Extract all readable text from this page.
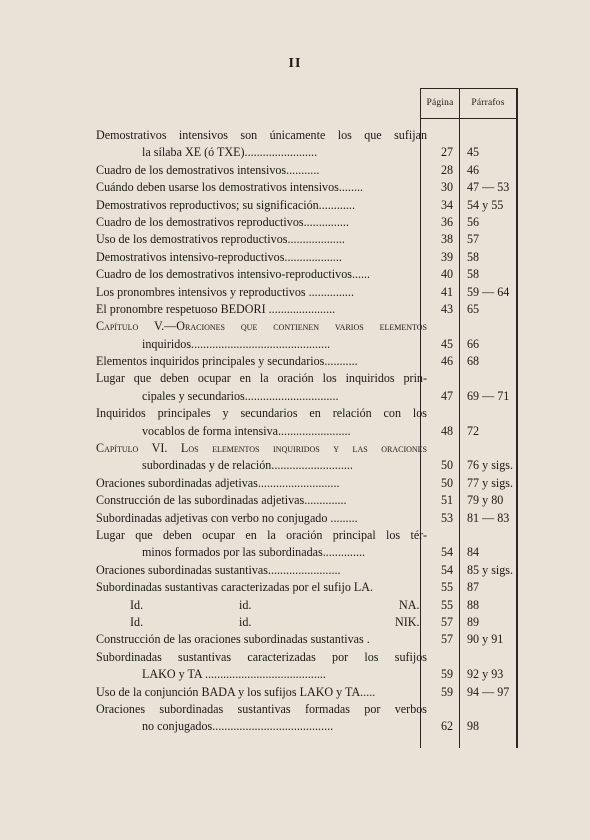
II
Página	Párrafos
Demostrativos intensivos son únicamente los que sufijan
la sílaba XE (ó TXE)........................	27	45
Cuadro de los demostrativos intensivos...........	28	46
Cuándo deben usarse los demostrativos intensivos........	30	47 — 53
Demostrativos reproductivos; su significación............	34	54 y 55
Cuadro de los demostrativos reproductivos...............	36	56
Uso de los demostrativos reproductivos...................	38	57
Demostrativos intensivo-reproductivos...................	39	58
Cuadro de los demostrativos intensivo-reproductivos......	40	58
Los pronombres intensivos y reproductivos ...............	41	59 — 64
El pronombre respetuoso BEDORI ......................	43	65
Capítulo V.—Oraciones que contienen varios elementos
inquiridos..............................................	45	66
Elementos inquiridos principales y secundarios...........	46	68
Lugar que deben ocupar en la oración los inquiridos prin-
cipales y secundarios...............................	47	69 — 71
Inquiridos principales y secundarios en relación con los
vocablos de forma intensiva........................	48	72
Capítulo VI. Los elementos inquiridos y las oraciones
subordinadas y de relación...........................	50	76 y sigs.
Oraciones subordinadas adjetivas...........................	50	77 y sigs.
Construcción de las subordinadas adjetivas..............	51	79 y 80
Subordinadas adjetivas con verbo no conjugado .........	53	81 — 83
Lugar que deben ocupar en la oración principal los tér-
minos formados por las subordinadas..............	54	84
Oraciones subordinadas sustantivas........................	54	85 y sigs.
Subordinadas sustantivas caracterizadas por el sufijo LA.	55	87
Id.	id.	NA.	55	88
Id.	id.	NIK.	57	89
Construcción de las oraciones subordinadas sustantivas .	57	90 y 91
Subordinadas sustantivas caracterizadas por los sufijos
LAKO y TA ........................................	59	92 y 93
Uso de la conjunción BADA y los sufijos LAKO y TA.....	59	94 — 97
Oraciones subordinadas sustantivas formadas por verbos
no conjugados........................................	62	98
